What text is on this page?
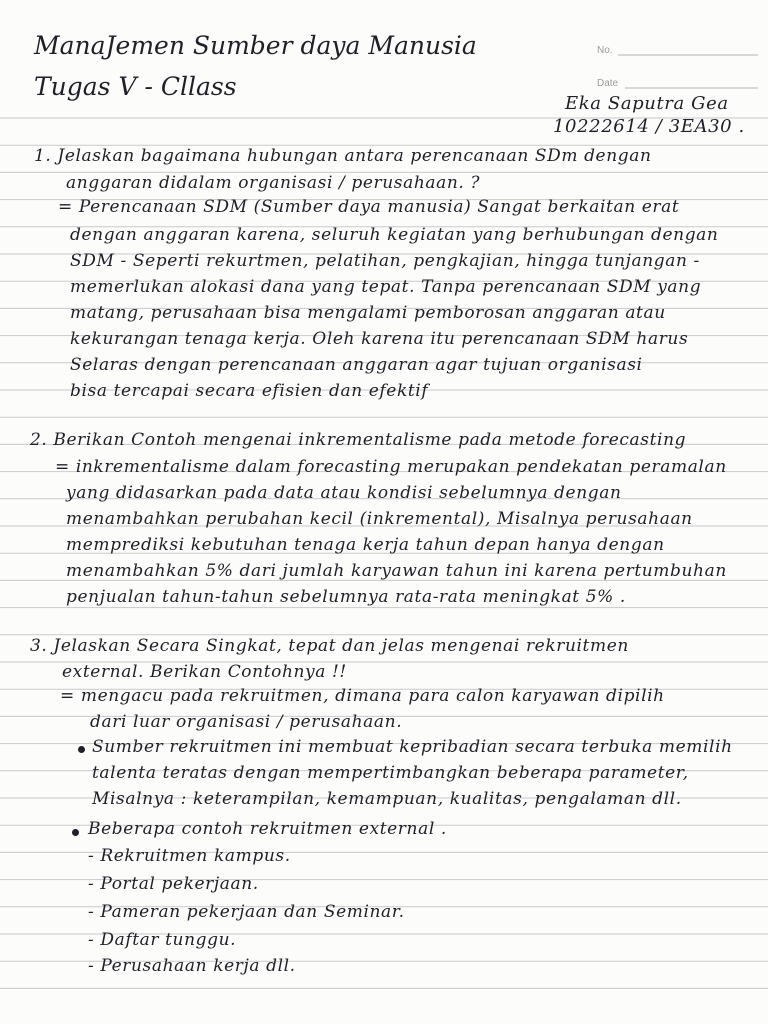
No.
Date
ManaJemen Sumber daya Manusia
Tugas V - Cllass
Eka Saputra Gea
10222614 / 3EA30 .
1. Jelaskan bagaimana hubungan antara perencanaan SDm dengan
anggaran didalam organisasi / perusahaan. ?
= Perencanaan SDM (Sumber daya manusia) Sangat berkaitan erat
dengan anggaran karena, seluruh kegiatan yang berhubungan dengan
SDM - Seperti rekurtmen, pelatihan, pengkajian, hingga tunjangan -
memerlukan alokasi dana yang tepat. Tanpa perencanaan SDM yang
matang, perusahaan bisa mengalami pemborosan anggaran atau
kekurangan tenaga kerja. Oleh karena itu perencanaan SDM harus
Selaras dengan perencanaan anggaran agar tujuan organisasi
bisa tercapai secara efisien dan efektif
2. Berikan Contoh mengenai inkrementalisme pada metode forecasting
= inkrementalisme dalam forecasting merupakan pendekatan peramalan
yang didasarkan pada data atau kondisi sebelumnya dengan
menambahkan perubahan kecil (inkremental), Misalnya perusahaan
memprediksi kebutuhan tenaga kerja tahun depan hanya dengan
menambahkan 5% dari jumlah karyawan tahun ini karena pertumbuhan
penjualan tahun-tahun sebelumnya rata-rata meningkat 5% .
3. Jelaskan Secara Singkat, tepat dan jelas mengenai rekruitmen
external. Berikan Contohnya !!
= mengacu pada rekruitmen, dimana para calon karyawan dipilih
dari luar organisasi / perusahaan.
Sumber rekruitmen ini membuat kepribadian secara terbuka memilih
talenta teratas dengan mempertimbangkan beberapa parameter,
Misalnya : keterampilan, kemampuan, kualitas, pengalaman dll.
Beberapa contoh rekruitmen external .
- Rekruitmen kampus.
- Portal pekerjaan.
- Pameran pekerjaan dan Seminar.
- Daftar tunggu.
- Perusahaan kerja dll.
